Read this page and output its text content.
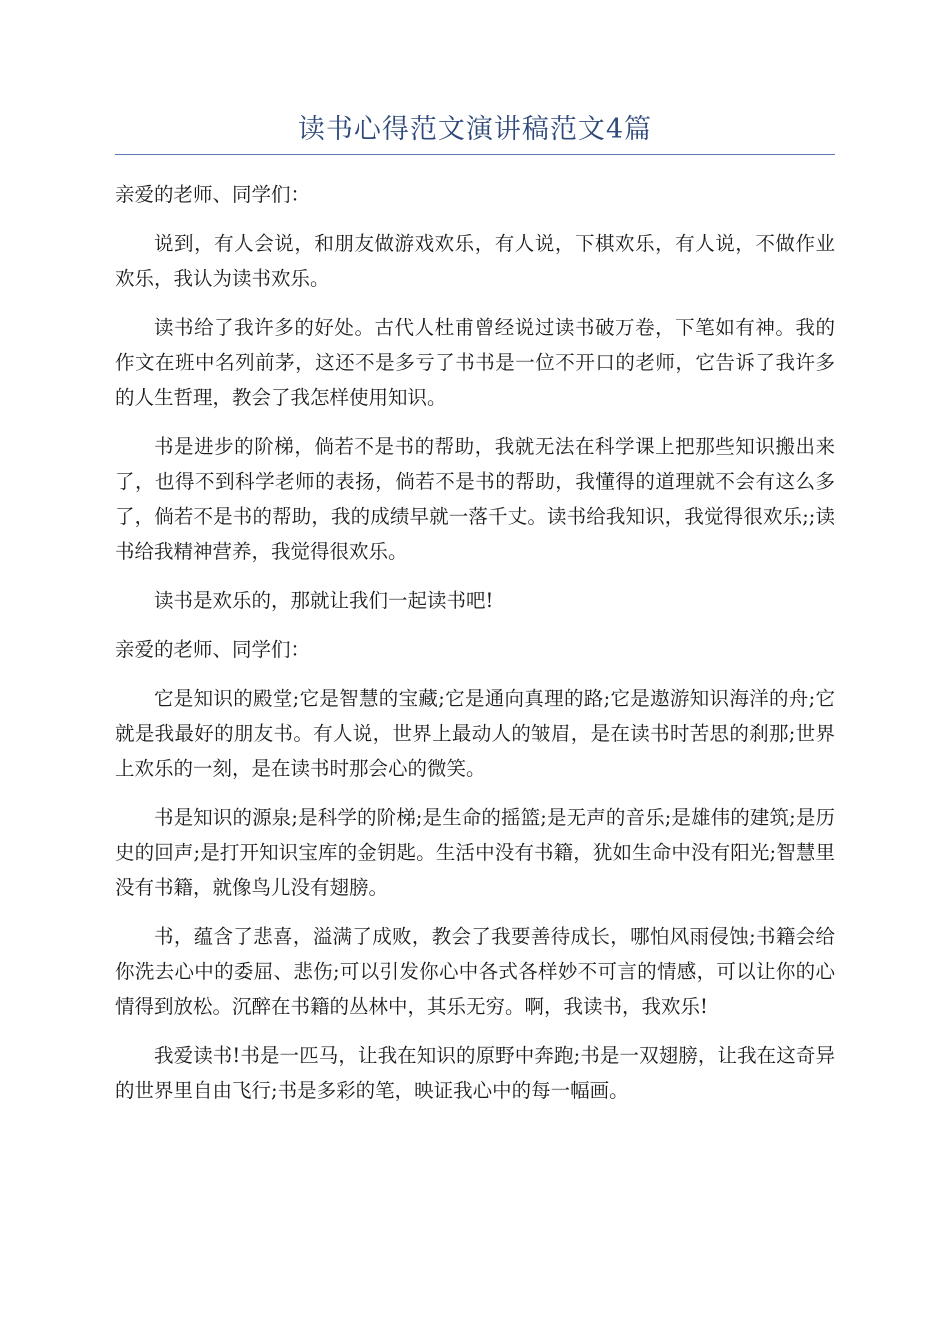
读书心得范文演讲稿范文4篇

亲爱的老师、同学们：

说到，有人会说，和朋友做游戏欢乐，有人说，下棋欢乐，有人说，不做作业欢乐，我认为读书欢乐。

读书给了我许多的好处。古代人杜甫曾经说过读书破万卷，下笔如有神。我的作文在班中名列前茅，这还不是多亏了书书是一位不开口的老师，它告诉了我许多的人生哲理，教会了我怎样使用知识。

书是进步的阶梯，倘若不是书的帮助，我就无法在科学课上把那些知识搬出来了，也得不到科学老师的表扬，倘若不是书的帮助，我懂得的道理就不会有这么多了，倘若不是书的帮助，我的成绩早就一落千丈。读书给我知识，我觉得很欢乐;;读书给我精神营养，我觉得很欢乐。

读书是欢乐的，那就让我们一起读书吧!

亲爱的老师、同学们：

它是知识的殿堂;它是智慧的宝藏;它是通向真理的路;它是遨游知识海洋的舟;它就是我最好的朋友书。有人说，世界上最动人的皱眉，是在读书时苦思的刹那;世界上欢乐的一刻，是在读书时那会心的微笑。

书是知识的源泉;是科学的阶梯;是生命的摇篮;是无声的音乐;是雄伟的建筑;是历史的回声;是打开知识宝库的金钥匙。生活中没有书籍，犹如生命中没有阳光;智慧里没有书籍，就像鸟儿没有翅膀。

书，蕴含了悲喜，溢满了成败，教会了我要善待成长，哪怕风雨侵蚀;书籍会给你洗去心中的委屈、悲伤;可以引发你心中各式各样妙不可言的情感，可以让你的心情得到放松。沉醉在书籍的丛林中，其乐无穷。啊，我读书，我欢乐!

我爱读书!书是一匹马，让我在知识的原野中奔跑;书是一双翅膀，让我在这奇异的世界里自由飞行;书是多彩的笔，映证我心中的每一幅画。
